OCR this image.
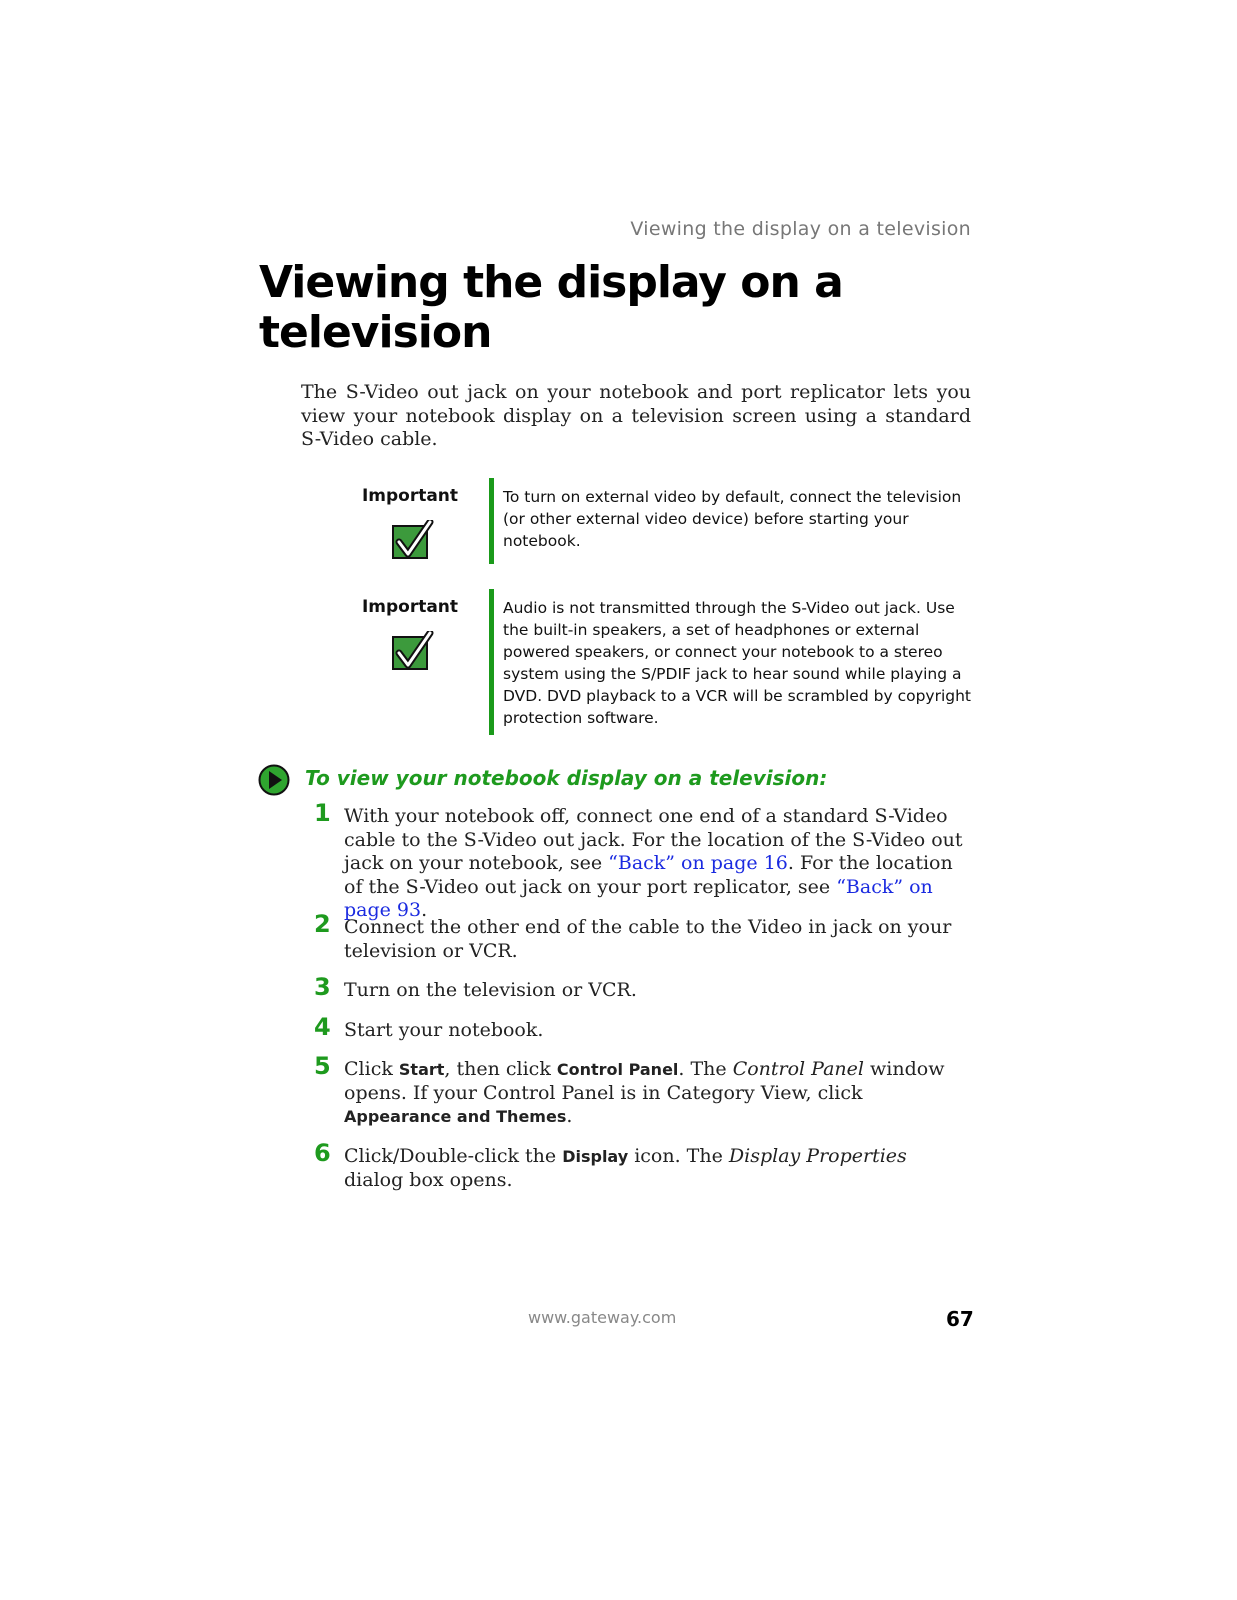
Viewing the display on a television
Viewing the display on a television

The S-Video out jack on your notebook and port replicator lets you view your notebook display on a television screen using a standard S-Video cable.

Important	To turn on external video by default, connect the television (or other external video device) before starting your notebook.
Important	Audio is not transmitted through the S-Video out jack. Use the built-in speakers, a set of headphones or external powered speakers, or connect your notebook to a stereo system using the S/PDIF jack to hear sound while playing a DVD. DVD playback to a VCR will be scrambled by copyright protection software.
To view your notebook display on a television:
1 With your notebook off, connect one end of a standard S-Video cable to the S-Video out jack. For the location of the S-Video out jack on your notebook, see “Back” on page 16. For the location of the S-Video out jack on your port replicator, see “Back” on page 93.
2 Connect the other end of the cable to the Video in jack on your television or VCR.
3 Turn on the television or VCR.
4 Start your notebook.
5 Click Start, then click Control Panel. The Control Panel window opens. If your Control Panel is in Category View, click Appearance and Themes.
6 Click/Double-click the Display icon. The Display Properties dialog box opens.
www.gateway.com	67
